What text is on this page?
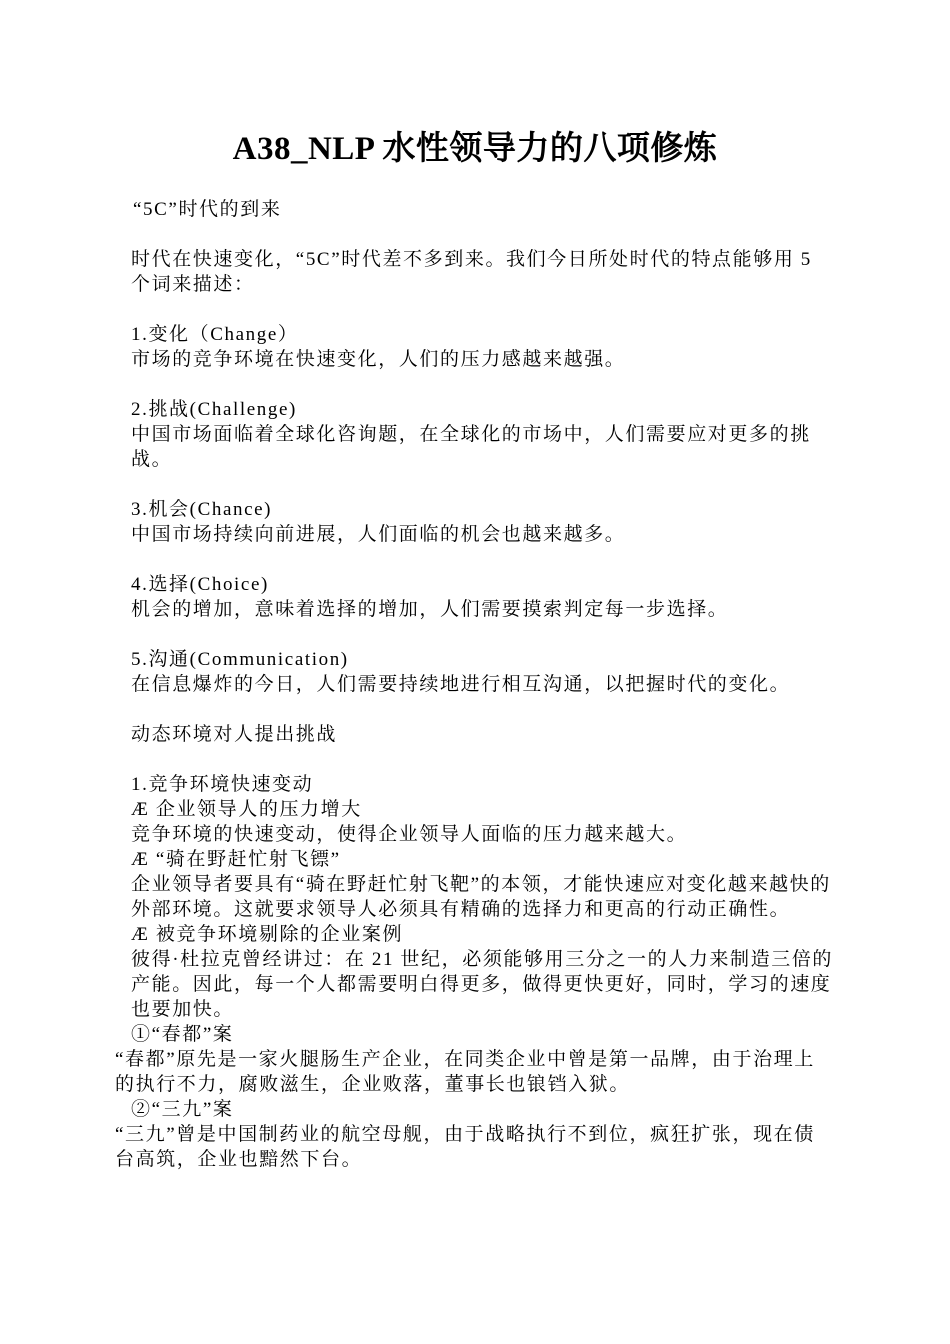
A38_NLP 水性领导力的八项修炼

“5C”时代的到来

时代在快速变化，“5C”时代差不多到来。我们今日所处时代的特点能够用 5 个词来描述：

1.变化（Change）

市场的竞争环境在快速变化，人们的压力感越来越强。

2.挑战(Challenge)

中国市场面临着全球化咨询题，在全球化的市场中，人们需要应对更多的挑战。

3.机会(Chance)

中国市场持续向前进展，人们面临的机会也越来越多。

4.选择(Choice)

机会的增加，意味着选择的增加，人们需要摸索判定每一步选择。

5.沟通(Communication)

在信息爆炸的今日，人们需要持续地进行相互沟通，以把握时代的变化。

动态环境对人提出挑战

1.竞争环境快速变动

Æ 企业领导人的压力增大

竞争环境的快速变动，使得企业领导人面临的压力越来越大。

Æ “骑在野赶忙射飞镖”

企业领导者要具有“骑在野赶忙射飞靶”的本领，才能快速应对变化越来越快的外部环境。这就要求领导人必须具有精确的选择力和更高的行动正确性。

Æ 被竞争环境剔除的企业案例

彼得·杜拉克曾经讲过：在 21 世纪，必须能够用三分之一的人力来制造三倍的产能。因此，每一个人都需要明白得更多，做得更快更好，同时，学习的速度也要加快。

①“春都”案

“春都”原先是一家火腿肠生产企业，在同类企业中曾是第一品牌，由于治理上的执行不力，腐败滋生，企业败落，董事长也锒铛入狱。

②“三九”案

“三九”曾是中国制药业的航空母舰，由于战略执行不到位，疯狂扩张，现在债台高筑，企业也黯然下台。
